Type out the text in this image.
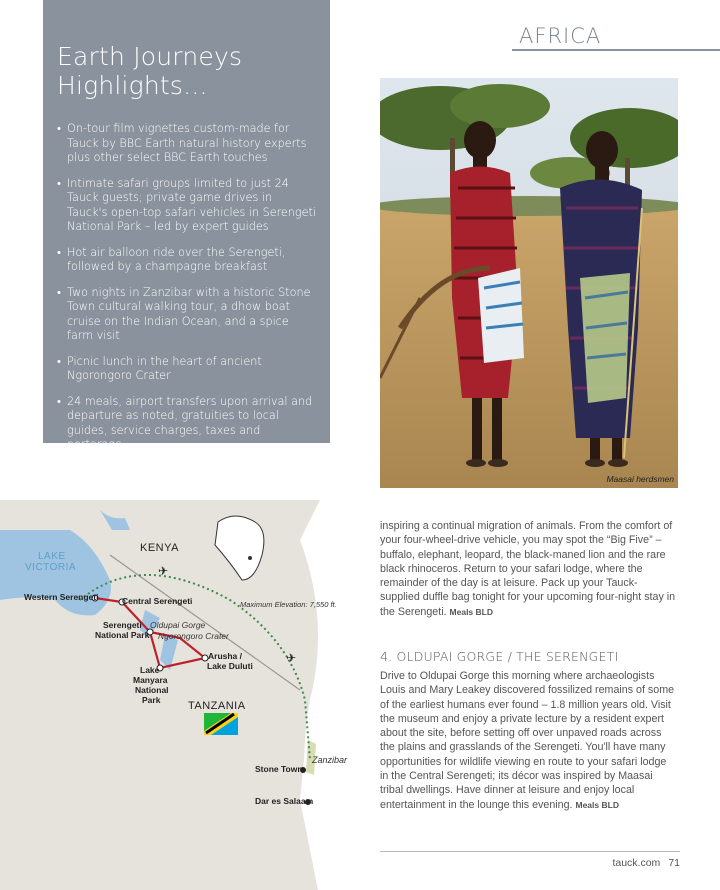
Earth Journeys
Highlights...
• On-tour film vignettes custom-made for Tauck by BBC Earth natural history experts plus other select BBC Earth touches
• Intimate safari groups limited to just 24 Tauck guests; private game drives in Tauck's open-top safari vehicles in Serengeti National Park – led by expert guides
• Hot air balloon ride over the Serengeti, followed by a champagne breakfast
• Two nights in Zanzibar with a historic Stone Town cultural walking tour, a dhow boat cruise on the Indian Ocean, and a spice farm visit
• Picnic lunch in the heart of ancient Ngorongoro Crater
• 24 meals, airport transfers upon arrival and departure as noted, gratuities to local guides, service charges, taxes and porterage
AFRICA
Maasai herdsmen
✈
✈
KENYA
TANZANIA
LAKE
VICTORIA
Maximum Elevation: 7,550 ft.
Western Serengeti	Central Serengeti
Serengeti
National Park
Oldupai Gorge
Ngorongoro Crater
Arusha /
Lake Duluti
Lake
Manyara
National
Park
Zanzibar
Stone Town
Dar es Salaam
inspiring a continual migration of animals. From the comfort of your four-wheel-drive vehicle, you may spot the “Big Five” – buffalo, elephant, leopard, the black-maned lion and the rare black rhinoceros. Return to your safari lodge, where the remainder of the day is at leisure. Pack up your Tauck-supplied duffle bag tonight for your upcoming four-night stay in the Serengeti. Meals BLD
4. OLDUPAI GORGE / THE SERENGETI
Drive to Oldupai Gorge this morning where archaeologists Louis and Mary Leakey discovered fossilized remains of some of the earliest humans ever found – 1.8 million years old. Visit the museum and enjoy a private lecture by a resident expert about the site, before setting off over unpaved roads across the plains and grasslands of the Serengeti. You'll have many opportunities for wildlife viewing en route to your safari lodge in the Central Serengeti; its décor was inspired by Maasai tribal dwellings. Have dinner at leisure and enjoy local entertainment in the lounge this evening. Meals BLD
tauck.com 71
